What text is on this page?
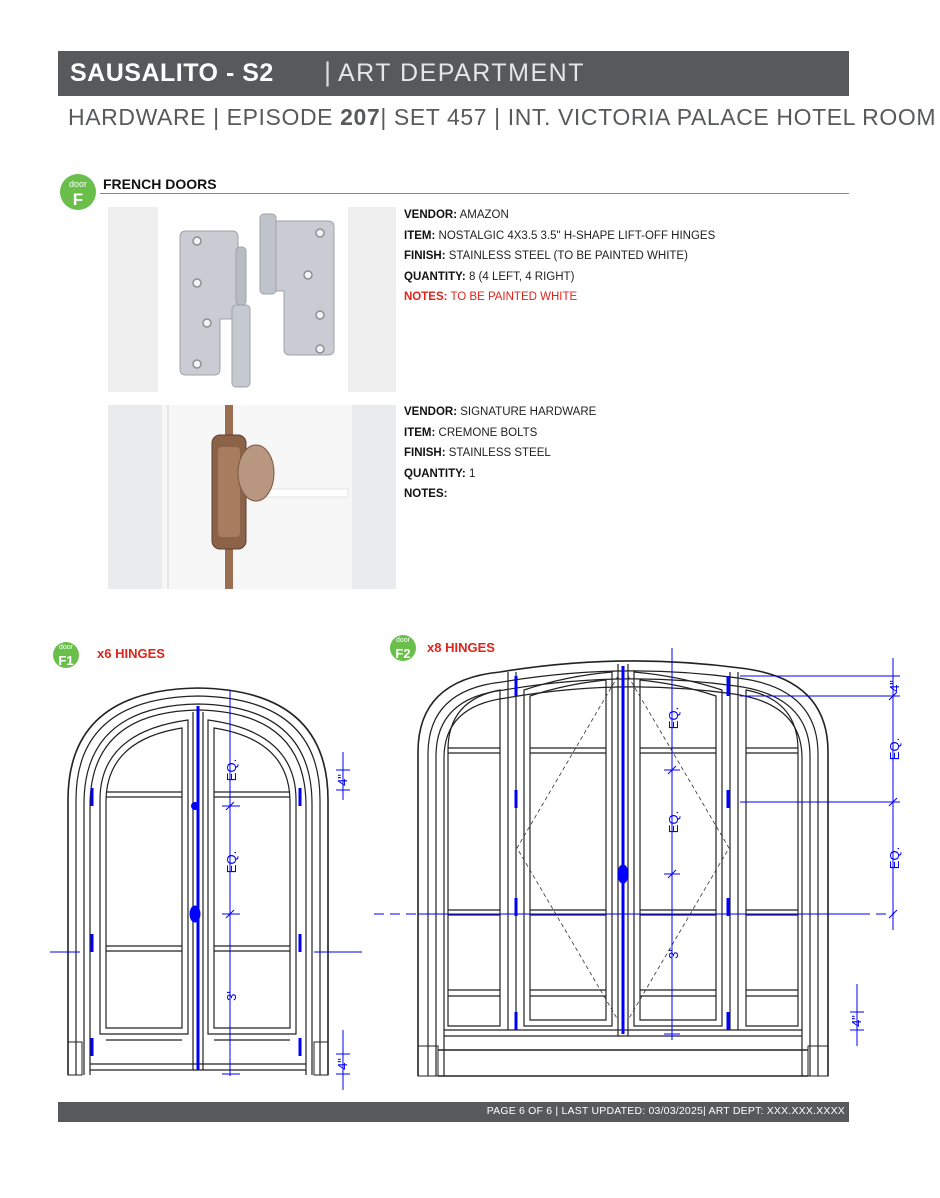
SAUSALITO - S2 | ART DEPARTMENT
HARDWARE | EPISODE 207| SET 457 | INT. VICTORIA PALACE HOTEL ROOM
door
F
FRENCH DOORS
VENDOR: AMAZON
ITEM: NOSTALGIC 4X3.5 3.5" H-SHAPE LIFT-OFF HINGES
FINISH: STAINLESS STEEL (TO BE PAINTED WHITE)
QUANTITY: 8 (4 LEFT, 4 RIGHT)
NOTES: TO BE PAINTED WHITE
VENDOR: SIGNATURE HARDWARE
ITEM: CREMONE BOLTS
FINISH: STAINLESS STEEL
QUANTITY: 1
NOTES:
door
F1 x6 HINGES
door
F2 x8 HINGES
EQ.
EQ.
3'
4"
4"
EQ.
EQ.
3'
4"
EQ.
EQ.
4"
PAGE 6 OF 6 | LAST UPDATED: 03/03/2025| ART DEPT: XXX.XXX.XXXX
